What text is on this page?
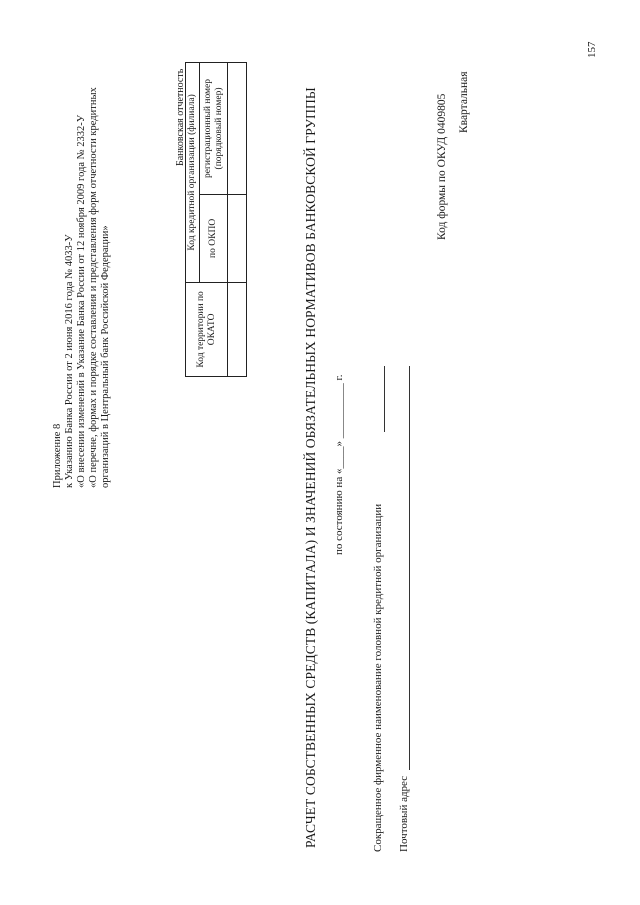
157
Приложение 8 к Указанию Банка России от 2 июня 2016 года № 4033-У «О внесении изменений в Указание Банка России от 12 ноября 2009 года № 2332-У «О перечне, формах и порядке составления и представления форм отчетности кредитных организаций в Центральный банк Российской Федерации»
Банковская отчетность
Код территории по ОКАТО	Код кредитной организации (филиала)	
	по ОКПО	регистрационный номер (порядковый номер)
			РАСЧЕТ СОБСТВЕННЫХ СРЕДСТВ (КАПИТАЛА) И ЗНАЧЕНИЙ ОБЯЗАТЕЛЬНЫХ НОРМАТИВОВ БАНКОВСКОЙ ГРУППЫ по состоянию на «____» __________ г.
Сокращенное фирменное наименование головной кредитной организации Почтовый адрес
Код формы по ОКУД 0409805 Квартальная
